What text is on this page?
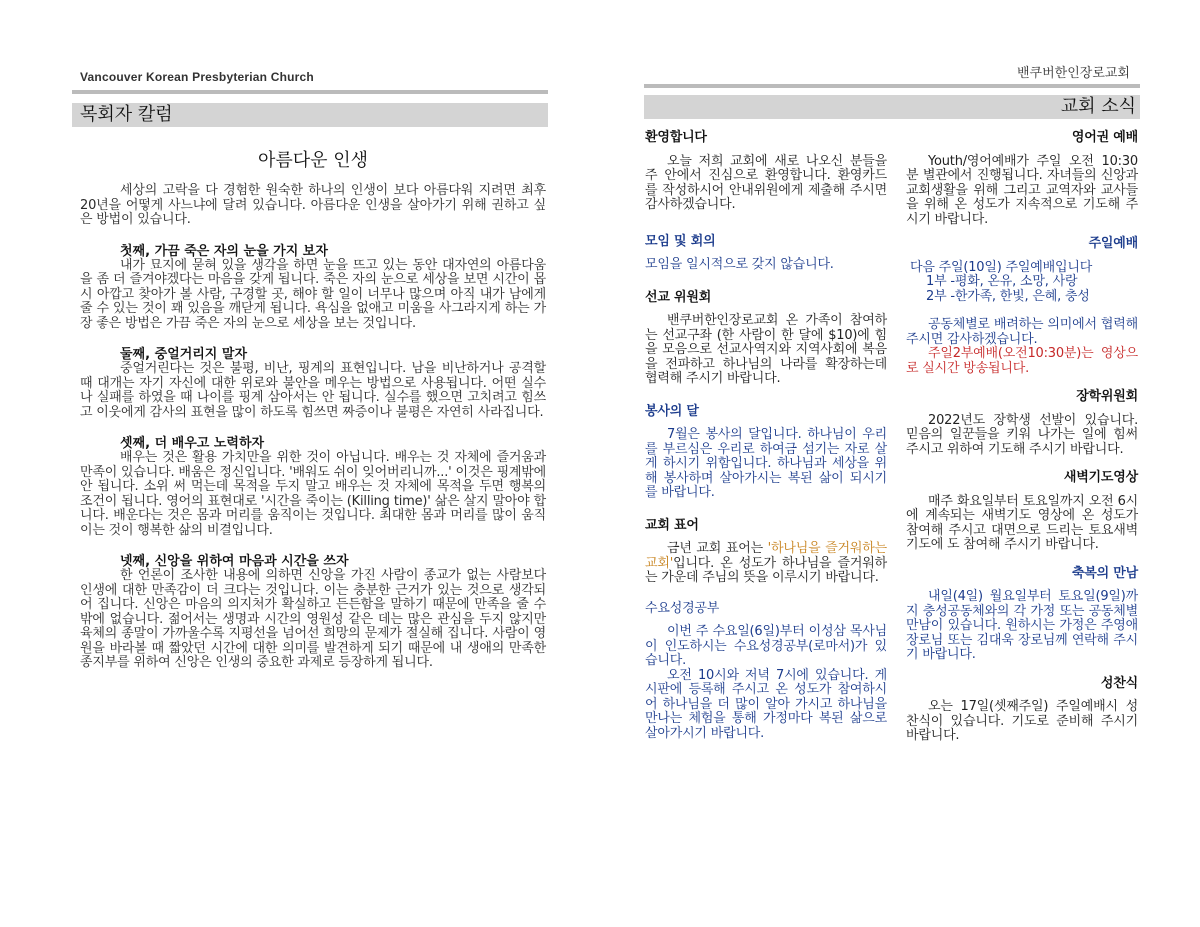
Vancouver Korean Presbyterian Church
목회자 칼럼
아름다운 인생
세상의 고락을 다 경험한 원숙한 하나의 인생이 보다 아름다워 지려면 최후 20년을 어떻게 사느냐에 달려 있습니다. 아름다운 인생을 살아가기 위해 권하고 싶은 방법이 있습니다.
첫째, 가끔 죽은 자의 눈을 가지 보자
내가 묘지에 묻혀 있을 생각을 하면 눈을 뜨고 있는 동안 대자연의 아름다움을 좀 더 즐겨야겠다는 마음을 갖게 됩니다. 죽은 자의 눈으로 세상을 보면 시간이 몹시 아깝고 찾아가 볼 사람, 구경할 곳, 해야 할 일이 너무나 많으며 아직 내가 남에게 줄 수 있는 것이 꽤 있음을 깨닫게 됩니다. 욕심을 없애고 미움을 사그라지게 하는 가장 좋은 방법은 가끔 죽은 자의 눈으로 세상을 보는 것입니다.
둘째, 중얼거리지 말자
중얼거린다는 것은 불평, 비난, 핑계의 표현입니다. 남을 비난하거나 공격할 때 대개는 자기 자신에 대한 위로와 불안을 메우는 방법으로 사용됩니다. 어떤 실수나 실패를 하였을 때 나이를 핑계 삼아서는 안 됩니다. 실수를 했으면 고치려고 힘쓰고 이웃에게 감사의 표현을 많이 하도록 힘쓰면 짜증이나 불평은 자연히 사라집니다.
셋째, 더 배우고 노력하자
배우는 것은 활용 가치만을 위한 것이 아닙니다. 배우는 것 자체에 즐거움과 만족이 있습니다. 배움은 정신입니다. '배워도 쉬이 잊어버리니까...' 이것은 핑계밖에 안 됩니다. 소위 써 먹는데 목적을 두지 말고 배우는 것 자체에 목적을 두면 행복의 조건이 됩니다. 영어의 표현대로 '시간을 죽이는 (Killing time)' 삶은 살지 말아야 합니다. 배운다는 것은 몸과 머리를 움직이는 것입니다. 최대한 몸과 머리를 많이 움직이는 것이 행복한 삶의 비결입니다.
넷째, 신앙을 위하여 마음과 시간을 쓰자
한 언론이 조사한 내용에 의하면 신앙을 가진 사람이 종교가 없는 사람보다 인생에 대한 만족감이 더 크다는 것입니다. 이는 충분한 근거가 있는 것으로 생각되어 집니다. 신앙은 마음의 의지처가 확실하고 든든함을 말하기 때문에 만족을 줄 수밖에 없습니다. 젊어서는 생명과 시간의 영원성 같은 데는 많은 관심을 두지 않지만 육체의 종말이 가까울수록 지평선을 넘어선 희망의 문제가 절실해 집니다. 사람이 영원을 바라볼 때 짧았던 시간에 대한 의미를 발견하게 되기 때문에 내 생애의 만족한 종지부를 위하여 신앙은 인생의 중요한 과제로 등장하게 됩니다.
밴쿠버한인장로교회
교회 소식
환영합니다

오늘 저희 교회에 새로 나오신 분들을 주 안에서 진심으로 환영합니다. 환영카드를 작성하시어 안내위원에게 제출해 주시면 감사하겠습니다.

모임 및 회의

모임을 일시적으로 갖지 않습니다.

선교 위원회

밴쿠버한인장로교회 온 가족이 참여하는 선교구좌 (한 사람이 한 달에 $10)에 힘을 모음으로 선교사역지와 지역사회에 복음을 전파하고 하나님의 나라를 확장하는데 협력해 주시기 바랍니다.

봉사의 달

7월은 봉사의 달입니다. 하나님이 우리를 부르심은 우리로 하여금 섬기는 자로 살게 하시기 위함입니다. 하나님과 세상을 위해 봉사하며 살아가시는 복된 삶이 되시기를 바랍니다.

교회 표어

금년 교회 표어는 '하나님을 즐거워하는 교회'입니다. 온 성도가 하나님을 즐거워하는 가운데 주님의 뜻을 이루시기 바랍니다.

수요성경공부

이번 주 수요일(6일)부터 이성삼 목사님이 인도하시는 수요성경공부(로마서)가 있습니다.

오전 10시와 저녁 7시에 있습니다. 게시판에 등록해 주시고 온 성도가 참여하시어 하나님을 더 많이 알아 가시고 하나님을 만나는 체험을 통해 가정마다 복된 삶으로 살아가시기 바랍니다.

영어권 예배

Youth/영어예배가 주일 오전 10:30분 별관에서 진행됩니다. 자녀들의 신앙과 교회생활을 위해 그리고 교역자와 교사들을 위해 온 성도가 지속적으로 기도해 주시기 바랍니다.

주일예배
다음 주일(10일) 주일예배입니다
1부 -평화, 온유, 소망, 사랑
2부 -한가족, 한빛, 은혜, 충성

공동체별로 배려하는 의미에서 협력해 주시면 감사하겠습니다.

주일2부예배(오전10:30분)는 영상으로 실시간 방송됩니다.

장학위원회

2022년도 장학생 선발이 있습니다. 믿음의 일꾼들을 키워 나가는 일에 힘써 주시고 위하여 기도해 주시기 바랍니다.

새벽기도영상

매주 화요일부터 토요일까지 오전 6시에 계속되는 새벽기도 영상에 온 성도가 참여해 주시고 대면으로 드리는 토요새벽기도에 도 참여해 주시기 바랍니다.

축복의 만남

내일(4일) 월요일부터 토요일(9일)까지 충성공동체와의 각 가정 또는 공동체별 만남이 있습니다. 원하시는 가정은 주영애 장로님 또는 김대욱 장로님께 연락해 주시기 바랍니다.

성찬식

오는 17일(셋째주일) 주일예배시 성찬식이 있습니다. 기도로 준비해 주시기 바랍니다.
